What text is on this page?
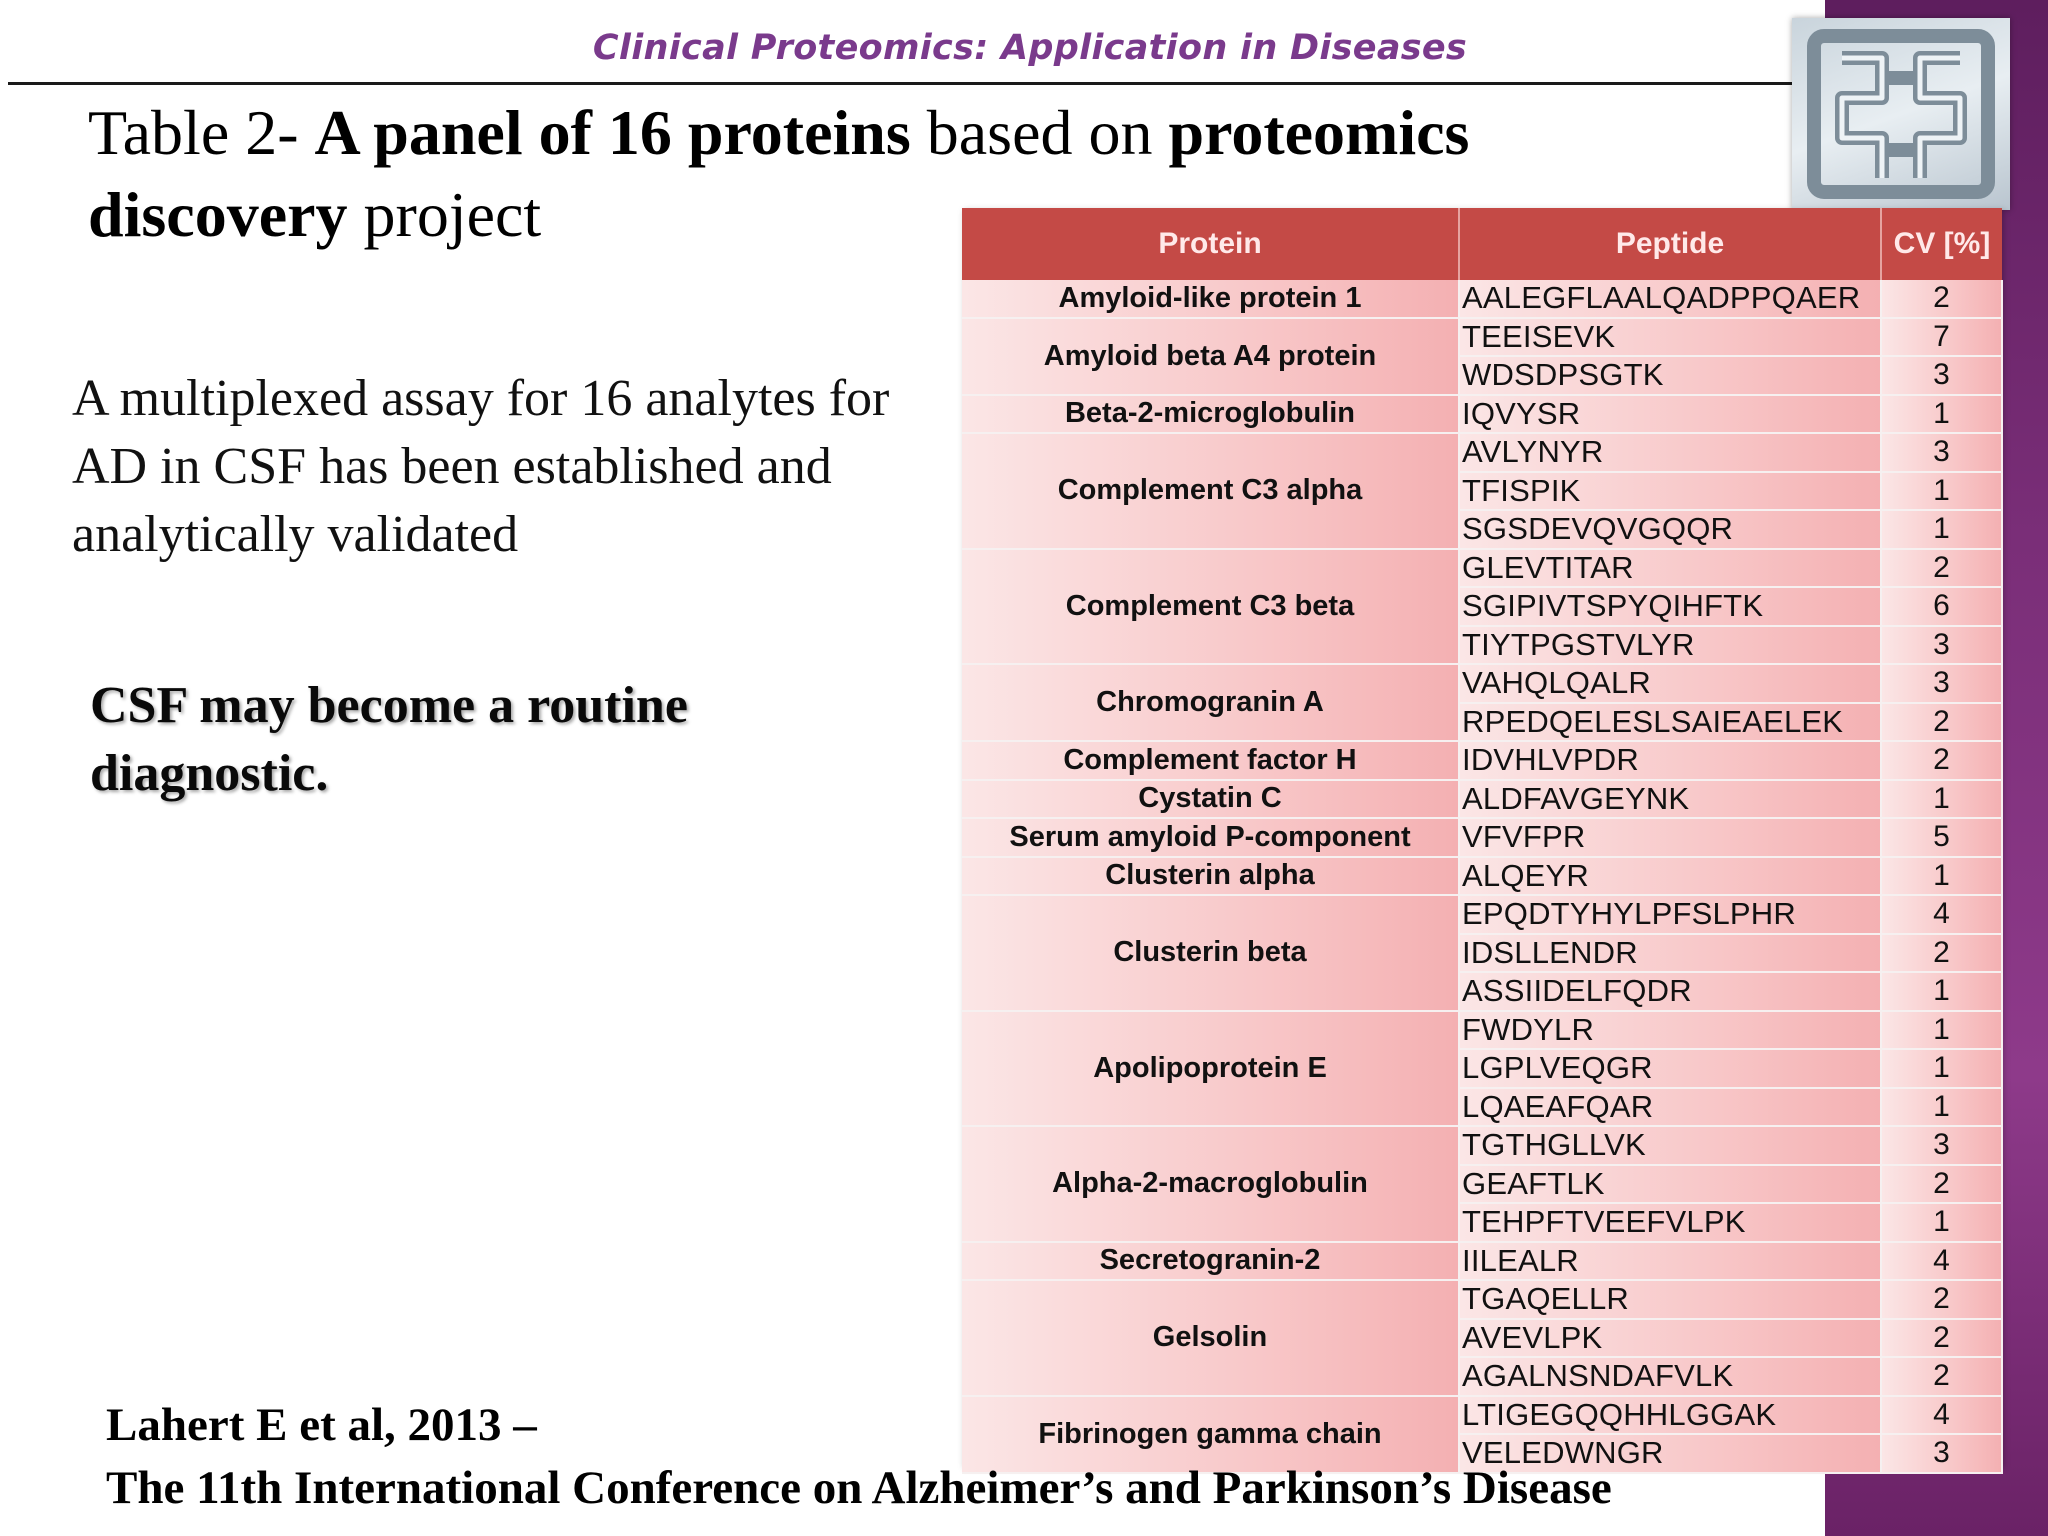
Clinical Proteomics: Application in Diseases
Table 2- A panel of 16 proteins based on proteomics discovery project
A multiplexed assay for 16 analytes for AD in CSF has been established and analytically validated
CSF may become a routine diagnostic.
Protein	Peptide	CV [%]
Amyloid-like protein 1	AALEGFLAALQADPPQAER	2
Amyloid beta A4 protein	TEEISEVK	7
	WDSDPSGTK	3
Beta-2-microglobulin	IQVYSR	1
Complement C3 alpha	AVLYNYR	3
	TFISPIK	1
	SGSDEVQVGQQR	1
Complement C3 beta	GLEVTITAR	2
	SGIPIVTSPYQIHFTK	6
	TIYTPGSTVLYR	3
Chromogranin A	VAHQLQALR	3
	RPEDQELESLSAIEAELEK	2
Complement factor H	IDVHLVPDR	2
Cystatin C	ALDFAVGEYNK	1
Serum amyloid P-component	VFVFPR	5
Clusterin alpha	ALQEYR	1
Clusterin beta	EPQDTYHYLPFSLPHR	4
	IDSLLENDR	2
	ASSIIDELFQDR	1
Apolipoprotein E	FWDYLR	1
	LGPLVEQGR	1
	LQAEAFQAR	1
Alpha-2-macroglobulin	TGTHGLLVK	3
	GEAFTLK	2
	TEHPFTVEEFVLPK	1
Secretogranin-2	IILEALR	4
Gelsolin	TGAQELLR	2
	AVEVLPK	2
	AGALNSNDAFVLK	2
Fibrinogen gamma chain	LTIGEGQQHHLGGAK	4
	VELEDWNGR	3
Lahert E et al, 2013 –
The 11th International Conference on Alzheimer’s and Parkinson’s Disease
